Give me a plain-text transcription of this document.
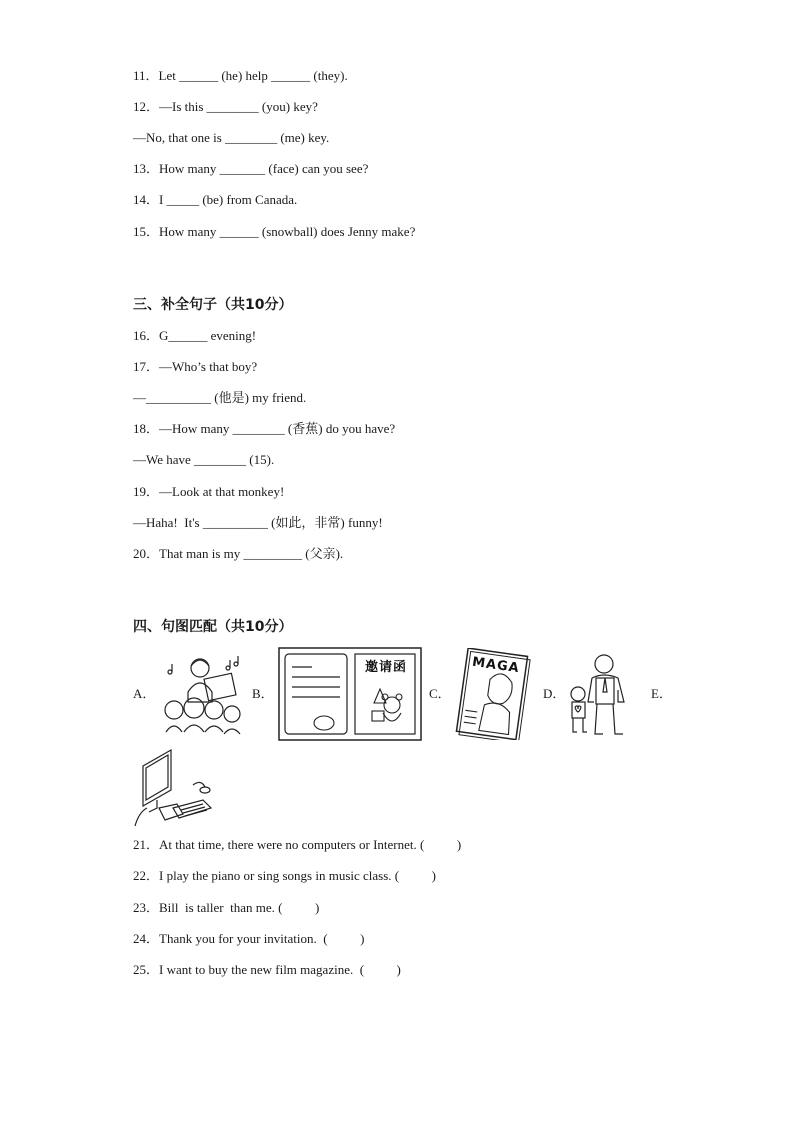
11．Let ______ (he) help ______ (they).
12．—Is this ________ (you) key?
—No, that one is ________ (me) key.
13．How many _______ (face) can you see?
14．I _____ (be) from Canada.
15．How many ______ (snowball) does Jenny make?
三、补全句子（共10分）
16．G______ evening!
17．—Who’s that boy?
—__________ (他是) my friend.
18．—How many ________ (香蕉) do you have?
—We have ________ (15).
19．—Look at that monkey!
—Haha!  It's __________ (如此，非常) funny!
20．That man is my _________ (父亲).
四、句图匹配（共10分）
A．	B．	C．	D．	E．
邀请函	MAGA
21．At that time, there were no computers or Internet. (          )
22．I play the piano or sing songs in music class. (          )
23．Bill  is taller  than me. (          )
24．Thank you for your invitation.  (          )
25．I want to buy the new film magazine.  (          )
